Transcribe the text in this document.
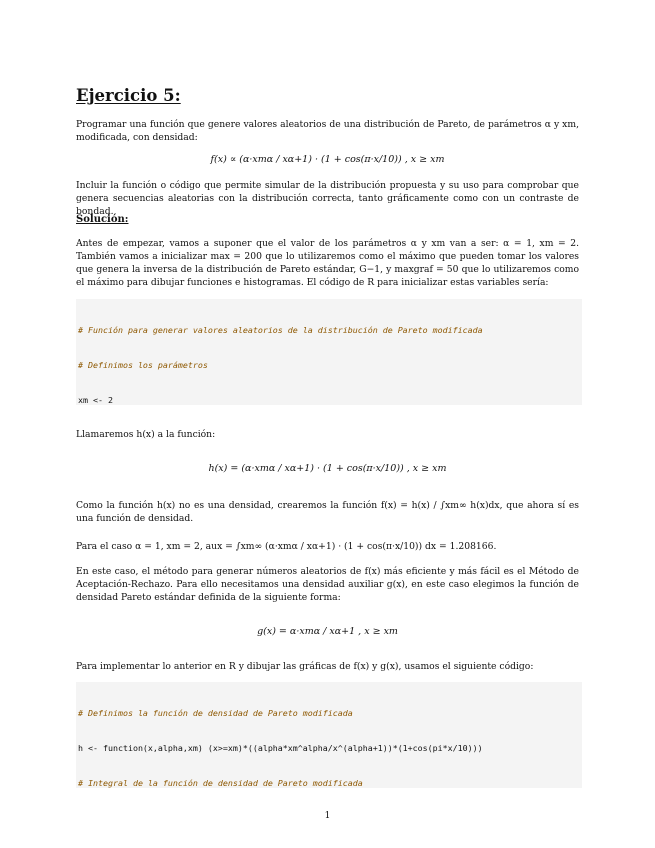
Ejercicio 5:

Programar una función que genere valores aleatorios de una distribución de Pareto, de parámetros α y xm, modificada, con densidad:

f(x) ∝ (α·xmα / xα+1) · (1 + cos(π·x/10)) , x ≥ xm

Incluir la función o código que permite simular de la distribución propuesta y su uso para comprobar que genera secuencias aleatorias con la distribución correcta, tanto gráficamente como con un contraste de bondad.

Solución:

Antes de empezar, vamos a suponer que el valor de los parámetros α y xm van a ser: α = 1, xm = 2. También vamos a inicializar max = 200 que lo utilizaremos como el máximo que pueden tomar los valores que genera la inversa de la distribución de Pareto estándar, G−1, y maxgraf = 50 que lo utilizaremos como el máximo para dibujar funciones e histogramas. El código de R para inicializar estas variables sería:

# Función para generar valores aleatorios de la distribución de Pareto modificada

# Definimos los parámetros

xm <- 2

Llamaremos h(x) a la función:

h(x) = (α·xmα / xα+1) · (1 + cos(π·x/10)) , x ≥ xm

Como la función h(x) no es una densidad, crearemos la función f(x) = h(x) / ∫xm∞ h(x)dx, que ahora sí es una función de densidad.

Para el caso α = 1, xm = 2, aux = ∫xm∞ (α·xmα / xα+1) · (1 + cos(π·x/10)) dx = 1.208166.

En este caso, el método para generar números aleatorios de f(x) más eficiente y más fácil es el Método de Aceptación-Rechazo. Para ello necesitamos una densidad auxiliar g(x), en este caso elegimos la función de densidad Pareto estándar definida de la siguiente forma:

g(x) = α·xmα / xα+1 , x ≥ xm

Para implementar lo anterior en R y dibujar las gráficas de f(x) y g(x), usamos el siguiente código:

# Definimos la función de densidad de Pareto modificada

h <- function(x,alpha,xm) (x>=xm)*((alpha*xm^alpha/x^(alpha+1))*(1+cos(pi*x/10)))

# Integral de la función de densidad de Pareto modificada

1
